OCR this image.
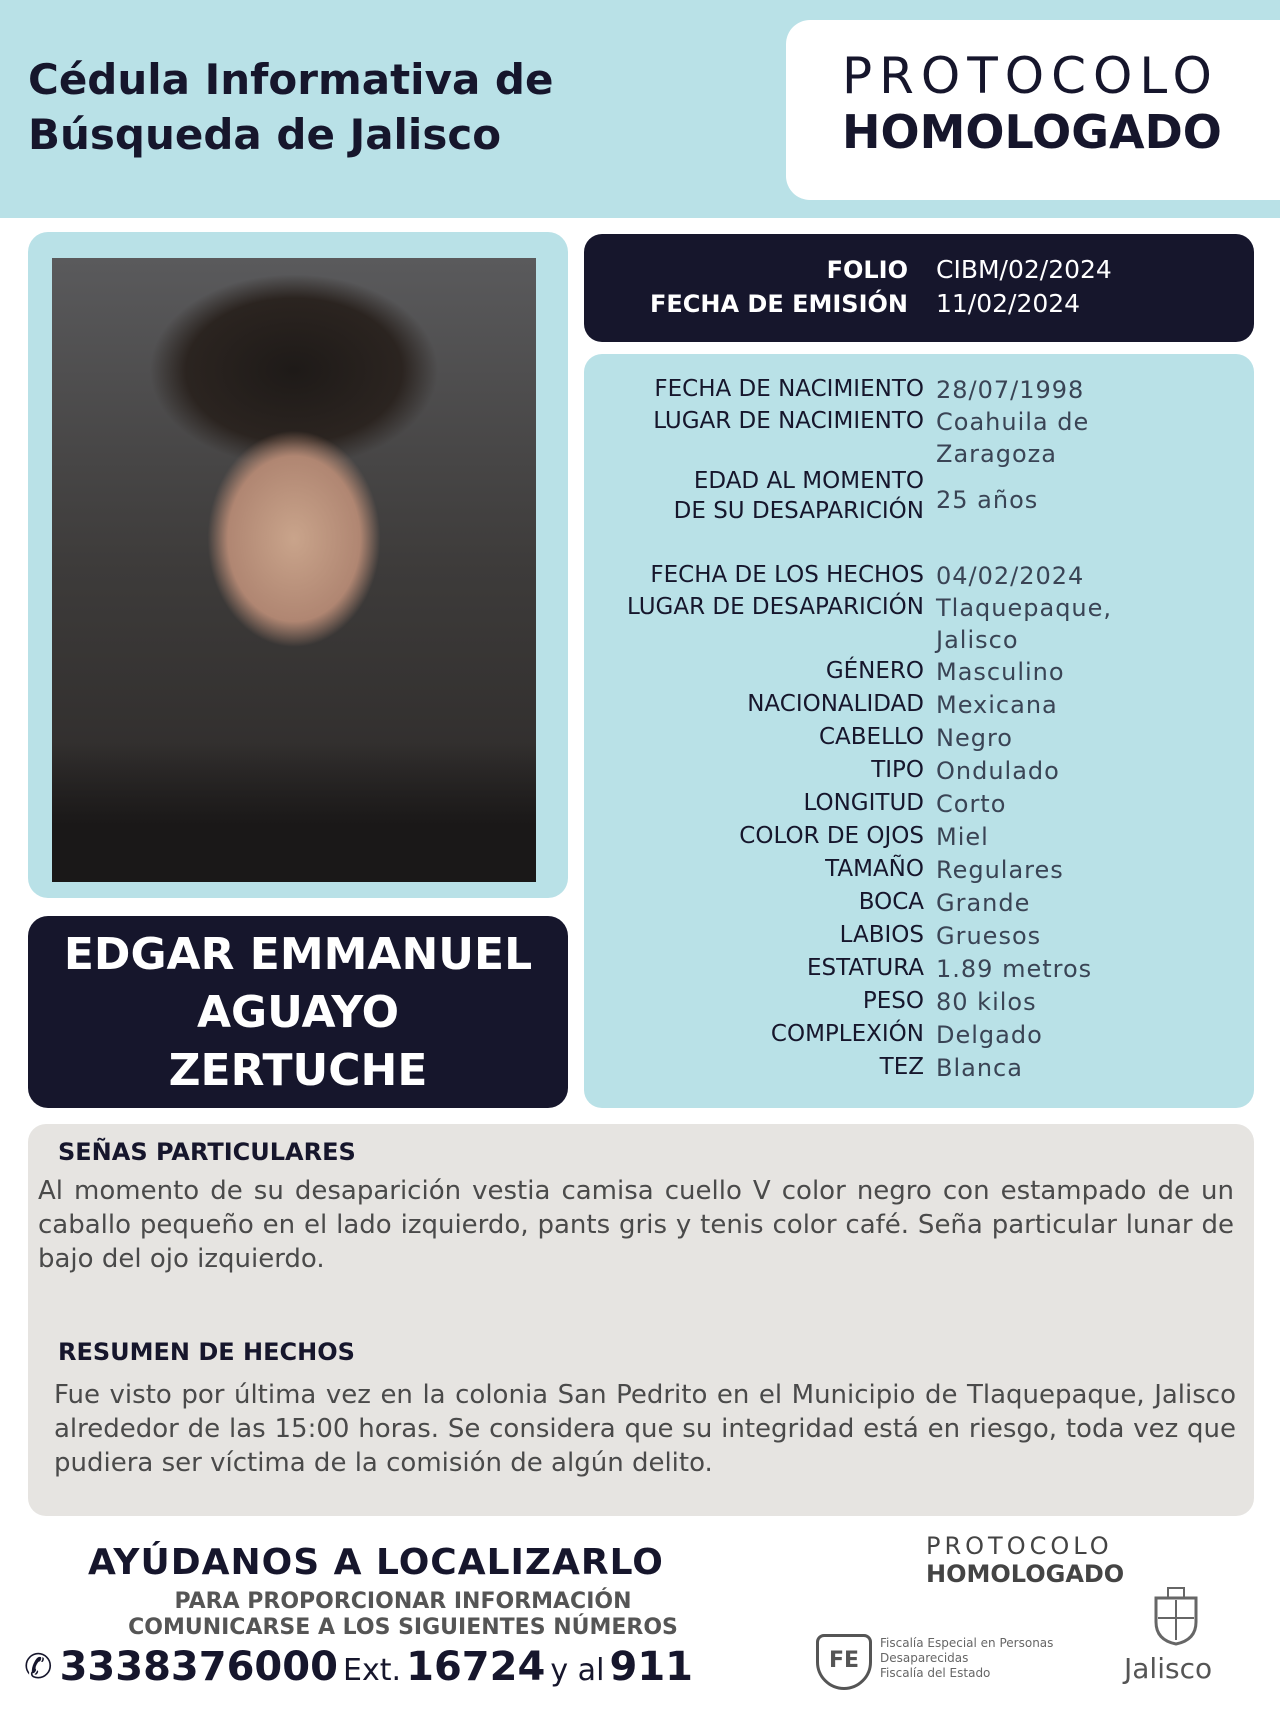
Cédula Informativa de
Búsqueda de Jalisco
PROTOCOLO
HOMOLOGADO
EDGAR EMMANUEL
AGUAYO
ZERTUCHE
FOLIO CIBM/02/2024
FECHA DE EMISIÓN 11/02/2024
FECHA DE NACIMIENTO 28/07/1998
LUGAR DE NACIMIENTO Coahuila de
Zaragoza
EDAD AL MOMENTO
DE SU DESAPARICIÓN 25 años
FECHA DE LOS HECHOS 04/02/2024
LUGAR DE DESAPARICIÓN Tlaquepaque,
Jalisco
GÉNERO Masculino
NACIONALIDAD Mexicana
CABELLO Negro
TIPO Ondulado
LONGITUD Corto
COLOR DE OJOS Miel
TAMAÑO Regulares
BOCA Grande
LABIOS Gruesos
ESTATURA 1.89 metros
PESO 80 kilos
COMPLEXIÓN Delgado
TEZ Blanca
SEÑAS PARTICULARES
Al momento de su desaparición vestia camisa cuello V color negro con estampado de un caballo pequeño en el lado izquierdo, pants gris y tenis color café. Seña particular lunar de bajo del ojo izquierdo.
RESUMEN DE HECHOS
Fue visto por última vez en la colonia San Pedrito en el Municipio de Tlaquepaque, Jalisco alrededor de las 15:00 horas. Se considera que su integridad está en riesgo, toda vez que pudiera ser víctima de la comisión de algún delito.
AYÚDANOS A LOCALIZARLO
PARA PROPORCIONAR INFORMACIÓN
COMUNICARSE A LOS SIGUIENTES NÚMEROS
✆ 3338376000 Ext. 16724 y al 911
PROTOCOLO
HOMOLOGADO
FE
Fiscalía Especial en Personas Desaparecidas
Fiscalía del Estado	Jalisco
